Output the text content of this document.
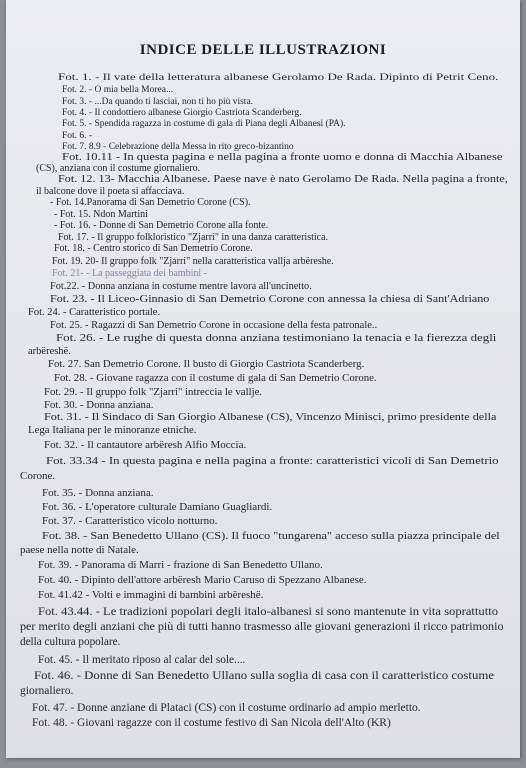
INDICE DELLE ILLUSTRAZIONI
Fot. 1. - Il vate della letteratura albanese Gerolamo De Rada. Dipinto di Petrit Ceno.
Fot. 2. - O mia bella Morea...
Fot. 3. - ...Da quando ti lasciai, non ti ho più vista.
Fot. 4. - Il condottiero albanese Giorgio Castriota Scanderberg.
Fot. 5. - Spendida ragazza in costume di gala di Piana degli Albanesi (PA).
Fot. 6. -
Fot. 7. 8.9 - Celebrazione della Messa in rito greco-bizantino
Fot. 10.11 - In questa pagina e nella pagina a fronte uomo e donna di Macchia Albanese
(CS), anziana con il costume giornaliero.
Fot. 12. 13- Macchia Albanese. Paese nave è nato Gerolamo De Rada. Nella pagina a fronte,
il balcone dove il poeta si affacciava.
- Fot. 14.Panorama di San Demetrio Corone (CS).
- Fot. 15. Ndon Martini
- Fot. 16. - Donne di San Demetrio Corone alla fonte.
Fot. 17. - Il gruppo folkloristico "Zjarri" in una danza caratteristica.
Fot. 18. - Centro storico di San Demetrio Corone.
Fot. 19. 20- Il gruppo folk "Zjarri" nella caratteristica vallja arbëreshe.
Fot. 21- - La passeggiata dei bambini -
Fot.22. - Donna anziana in costume mentre lavora all'uncinetto.
Fot. 23. - Il Liceo-Ginnasio di San Demetrio Corone con annessa la chiesa di Sant'Adriano
Fot. 24. - Caratteristico portale.
Fot. 25. - Ragazzi di San Demetrio Corone in occasione della festa patronale..
Fot. 26. - Le rughe di questa donna anziana testimoniano la tenacia e la fierezza degli
arbëreshë.
Fot. 27. San Demetrio Corone. Il busto di Giorgio Castriota Scanderberg.
Fot. 28. - Giovane ragazza con il costume di gala di San Demetrio Corone.
Fot. 29. - Il gruppo folk "Zjarri" intreccia le vallje.
Fot. 30. - Donna anziana.
Fot. 31. - Il Sindaco di San Giorgio Albanese (CS), Vincenzo Minisci, primo presidente della
Lega Italiana per le minoranze etniche.
Fot. 32. - Il cantautore arbëresh Alfio Moccia.
Fot. 33.34 - In questa pagina e nella pagina a fronte: caratteristici vicoli di San Demetrio
Corone.
Fot. 35. - Donna anziana.
Fot. 36. - L'operatore culturale Damiano Guagliardi.
Fot. 37. - Caratteristico vicolo notturno.
Fot. 38. - San Benedetto Ullano (CS). Il fuoco "tungarena" acceso sulla piazza principale del
paese nella notte di Natale.
Fot. 39. - Panorama di Marri - frazione di San Benedetto Ullano.
Fot. 40. - Dipinto dell'attore arbëresh Mario Caruso di Spezzano Albanese.
Fot. 41.42 - Volti e immagini di bambini arbëreshë.
Fot. 43.44. - Le tradizioni popolari degli italo-albanesi si sono mantenute in vita soprattutto
per merito degli anziani che più di tutti hanno trasmesso alle giovani generazioni il ricco patrimonio
della cultura popolare.
Fot. 45. - Il meritato riposo al calar del sole....
Fot. 46. - Donne di San Benedetto Ullano sulla soglia di casa con il caratteristico costume
giornaliero.
Fot. 47. - Donne anziane di Plataci (CS) con il costume ordinario ad ampio merletto.
Fot. 48. - Giovani ragazze con il costume festivo di San Nicola dell'Alto (KR)
